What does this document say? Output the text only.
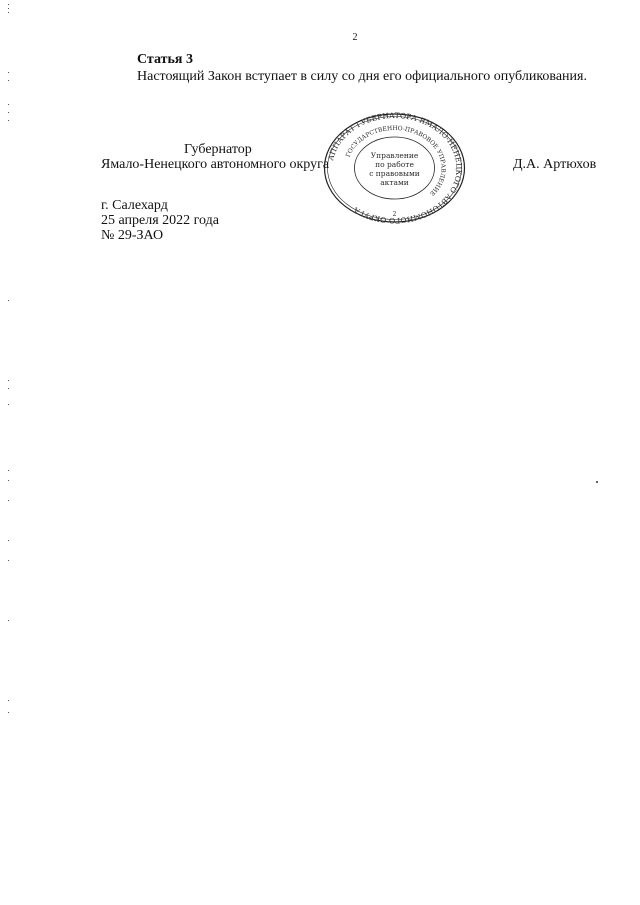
2
Статья 3

Настоящий Закон вступает в силу со дня его официального опубликования.

Губернатор
Ямало-Ненецкого автономного округа	Д.А. Артюхов
АППАРАТ ГУБЕРНАТОРА ЯМАЛО-НЕНЕЦКОГО АВТОНОМНОГО ОКРУГА
ГОСУДАРСТВЕННО-ПРАВОВОЕ УПРАВЛЕНИЕ
Управление
по работе
с правовыми
актами
2
г. Салехард
25 апреля 2022 года
№ 29-ЗАО
